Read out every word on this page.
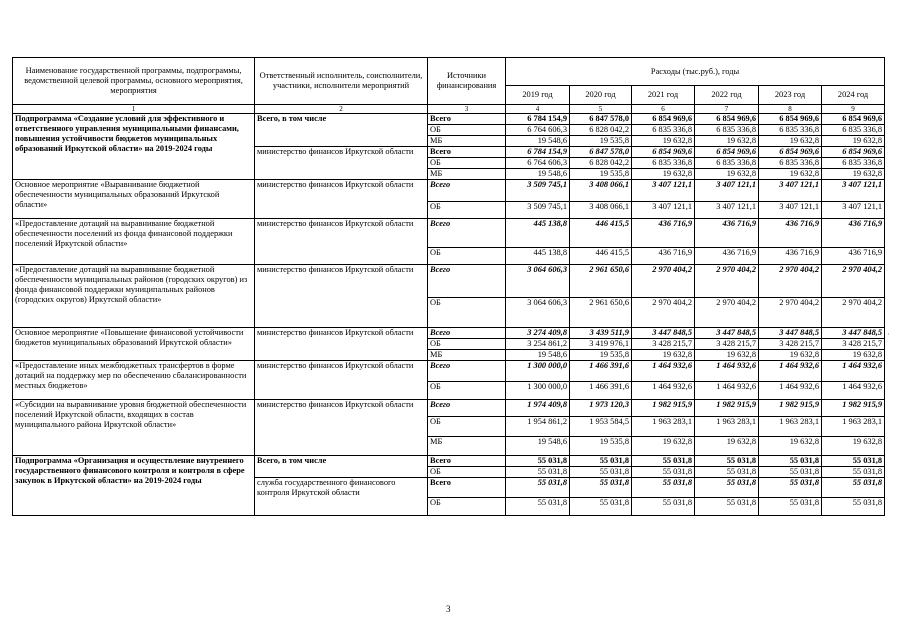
Наименование государственной программы, подпрограммы, ведомственной целевой программы, основного мероприятия, мероприятия	Ответственный исполнитель, соисполнители, участники, исполнители мероприятий	Источники финансирования	Расходы (тыс.руб.), годы					
			2019 год	2020 год	2021 год	2022 год	2023 год	2024 год
1	2	3	4	5	6	7	8	9
Подпрограмма «Создание условий для эффективного и ответственного управления муниципальными финансами, повышения устойчивости бюджетов муниципальных образований Иркутской области» на 2019-2024 годы	Всего, в том числе	Всего	6 784 154,9	6 847 578,0	6 854 969,6	6 854 969,6	6 854 969,6	6 854 969,6
		ОБ	6 764 606,3	6 828 042,2	6 835 336,8	6 835 336,8	6 835 336,8	6 835 336,8
		МБ	19 548,6	19 535,8	19 632,8	19 632,8	19 632,8	19 632,8
	министерство финансов Иркутской области	Всего	6 784 154,9	6 847 578,0	6 854 969,6	6 854 969,6	6 854 969,6	6 854 969,6
		ОБ	6 764 606,3	6 828 042,2	6 835 336,8	6 835 336,8	6 835 336,8	6 835 336,8
		МБ	19 548,6	19 535,8	19 632,8	19 632,8	19 632,8	19 632,8
Основное мероприятие «Выравнивание бюджетной обеспеченности муниципальных образований Иркутской области»	министерство финансов Иркутской области	Всего	3 509 745,1	3 408 066,1	3 407 121,1	3 407 121,1	3 407 121,1	3 407 121,1
		ОБ	3 509 745,1	3 408 066,1	3 407 121,1	3 407 121,1	3 407 121,1	3 407 121,1
«Предоставление дотаций на выравнивание бюджетной обеспеченности поселений из фонда финансовой поддержки поселений Иркутской области»	министерство финансов Иркутской области	Всего	445 138,8	446 415,5	436 716,9	436 716,9	436 716,9	436 716,9
		ОБ	445 138,8	446 415,5	436 716,9	436 716,9	436 716,9	436 716,9
«Предоставление дотаций на выравнивание бюджетной обеспеченности муниципальных районов (городских округов) из фонда финансовой поддержки муниципальных районов (городских округов) Иркутской области»	министерство финансов Иркутской области	Всего	3 064 606,3	2 961 650,6	2 970 404,2	2 970 404,2	2 970 404,2	2 970 404,2
		ОБ	3 064 606,3	2 961 650,6	2 970 404,2	2 970 404,2	2 970 404,2	2 970 404,2
Основное мероприятие «Повышение финансовой устойчивости бюджетов муниципальных образований Иркутской области»	министерство финансов Иркутской области	Всего	3 274 409,8	3 439 511,9	3 447 848,5	3 447 848,5	3 447 848,5	3 447 848,5
		ОБ	3 254 861,2	3 419 976,1	3 428 215,7	3 428 215,7	3 428 215,7	3 428 215,7
		МБ	19 548,6	19 535,8	19 632,8	19 632,8	19 632,8	19 632,8
«Предоставление иных межбюджетных трансфертов в форме дотаций на поддержку мер по обеспечению сбалансированности местных бюджетов»	министерство финансов Иркутской области	Всего	1 300 000,0	1 466 391,6	1 464 932,6	1 464 932,6	1 464 932,6	1 464 932,6
		ОБ	1 300 000,0	1 466 391,6	1 464 932,6	1 464 932,6	1 464 932,6	1 464 932,6
«Субсидии на выравнивание уровня бюджетной обеспеченности поселений Иркутской области, входящих в состав муниципального района Иркутской области»	министерство финансов Иркутской области	Всего	1 974 409,8	1 973 120,3	1 982 915,9	1 982 915,9	1 982 915,9	1 982 915,9
		ОБ	1 954 861,2	1 953 584,5	1 963 283,1	1 963 283,1	1 963 283,1	1 963 283,1
		МБ	19 548,6	19 535,8	19 632,8	19 632,8	19 632,8	19 632,8
Подпрограмма «Организация и осуществление внутреннего государственного финансового контроля и контроля в сфере закупок в Иркутской области» на 2019-2024 годы	Всего, в том числе	Всего	55 031,8	55 031,8	55 031,8	55 031,8	55 031,8	55 031,8
		ОБ	55 031,8	55 031,8	55 031,8	55 031,8	55 031,8	55 031,8
	служба государственного финансового контроля Иркутской области	Всего	55 031,8	55 031,8	55 031,8	55 031,8	55 031,8	55 031,8
		ОБ	55 031,8	55 031,8	55 031,8	55 031,8	55 031,8	55 031,8
3
·
